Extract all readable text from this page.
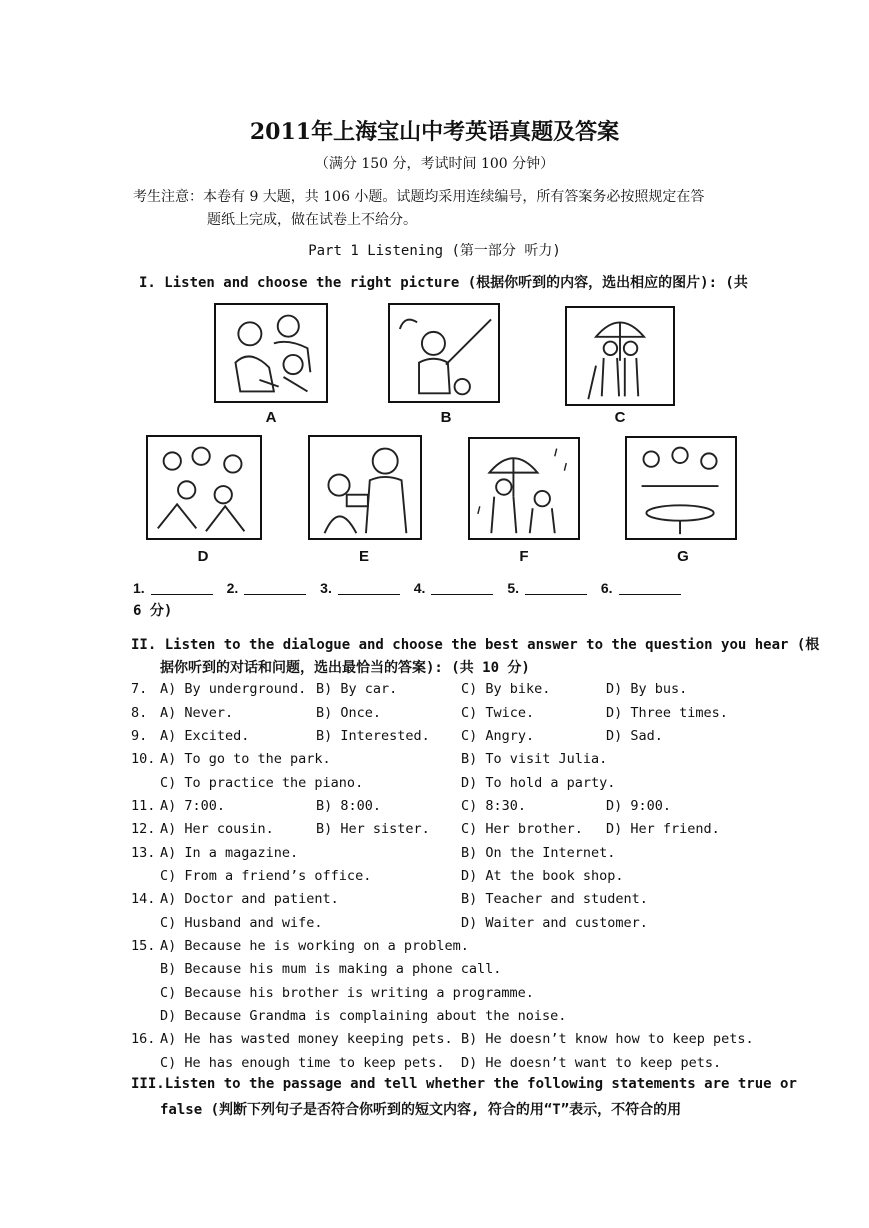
2011年上海宝山中考英语真题及答案
（满分 150 分，考试时间 100 分钟）
考生注意：本卷有 9 大题，共 106 小题。试题均采用连续编号，所有答案务必按照规定在答
题纸上完成，做在试卷上不给分。
Part 1 Listening (第一部分 听力)
I. Listen and choose the right picture (根据你听到的内容，选出相应的图片): (共
A	B	C
D	E	F	G
1.	2.	3.	4.	5.	6.
6 分)
II. Listen to the dialogue and choose the best answer to the question you hear (根
据你听到的对话和问题，选出最恰当的答案): (共 10 分)
7. A) By underground. B) By car.	C) By bike.	D) By bus.
8. A) Never.	B) Once.	C) Twice.	D) Three times.
9. A) Excited.	B) Interested. C) Angry.	D) Sad.
10. A) To go to the park.	B) To visit Julia.
C) To practice the piano.	D) To hold a party.
11. A) 7:00.	B) 8:00.	C) 8:30.	D) 9:00.
12. A) Her cousin.	B) Her sister. C) Her brother. D) Her friend.
13. A) In a magazine.	B) On the Internet.
C) From a friend’s office.	D) At the book shop.
14. A) Doctor and patient.	B) Teacher and student.
C) Husband and wife.	D) Waiter and customer.
15. A) Because he is working on a problem.
B) Because his mum is making a phone call.
C) Because his brother is writing a programme.
D) Because Grandma is complaining about the noise.
16. A) He has wasted money keeping pets. B) He doesn’t know how to keep pets.
C) He has enough time to keep pets. D) He doesn’t want to keep pets.
III.Listen to the passage and tell whether the following statements are true or
false (判断下列句子是否符合你听到的短文内容, 符合的用“T”表示，不符合的用
